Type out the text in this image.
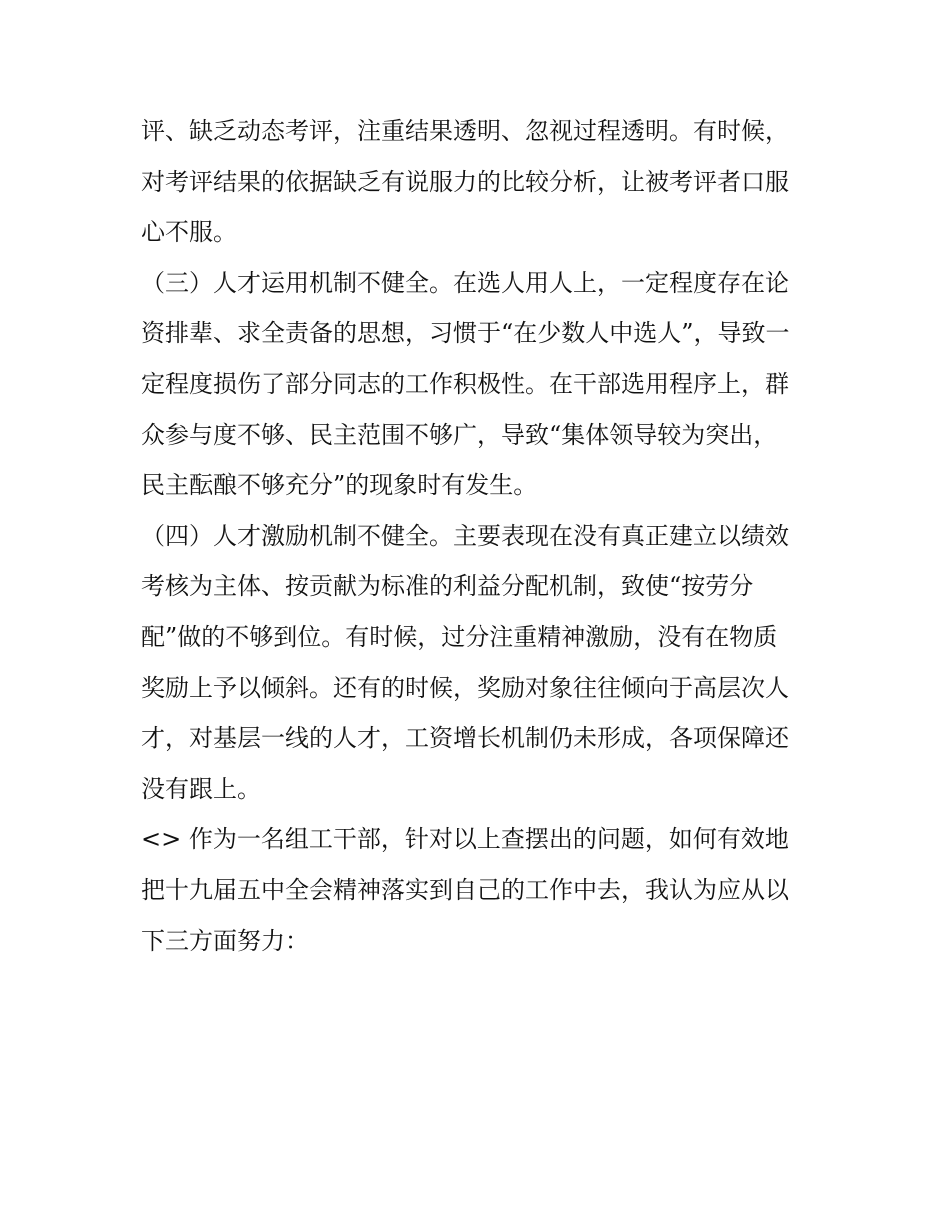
评、缺乏动态考评，注重结果透明、忽视过程透明。有时候，
对考评结果的依据缺乏有说服力的比较分析，让被考评者口服
心不服。
（三）人才运用机制不健全。在选人用人上，一定程度存在论
资排辈、求全责备的思想，习惯于“在少数人中选人”，导致一
定程度损伤了部分同志的工作积极性。在干部选用程序上，群
众参与度不够、民主范围不够广，导致“集体领导较为突出，
民主酝酿不够充分”的现象时有发生。
（四）人才激励机制不健全。主要表现在没有真正建立以绩效
考核为主体、按贡献为标准的利益分配机制，致使“按劳分
配”做的不够到位。有时候，过分注重精神激励，没有在物质
奖励上予以倾斜。还有的时候，奖励对象往往倾向于高层次人
才，对基层一线的人才，工资增长机制仍未形成，各项保障还
没有跟上。
<> 作为一名组工干部，针对以上查摆出的问题，如何有效地
把十九届五中全会精神落实到自己的工作中去，我认为应从以
下三方面努力：
